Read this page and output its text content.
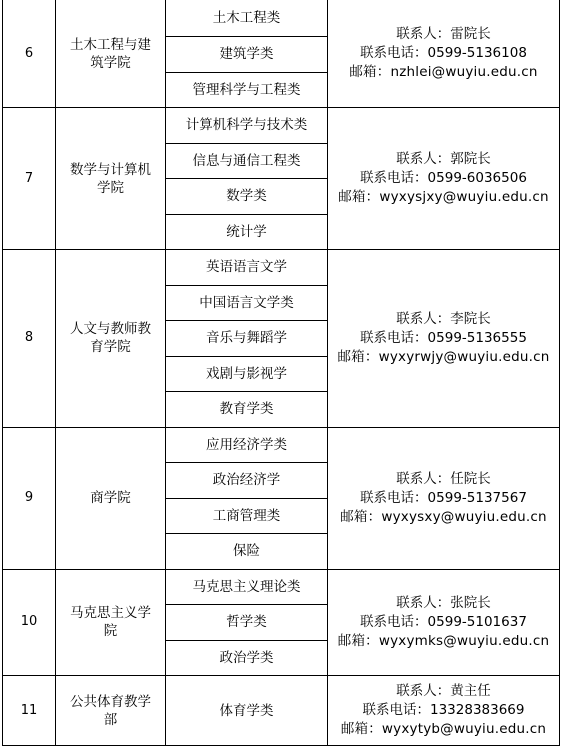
6	土木工程与建筑学院	土木工程类	联系人：雷院长
联系电话：0599-5136108
邮箱：nzhlei@wuyiu.edu.cn

		建筑学类	
		管理科学与工程类	
7	数学与计算机学院	计算机科学与技术类	联系人：郭院长
联系电话：0599-6036506
邮箱：wyxysjxy@wuyiu.edu.cn

		信息与通信工程类	
		数学类	
		统计学	
8	人文与教师教育学院	英语语言文学	联系人：李院长
联系电话：0599-5136555
邮箱：wyxyrwjy@wuyiu.edu.cn

		中国语言文学类	
		音乐与舞蹈学	
		戏剧与影视学	
		教育学类	
9	商学院	应用经济学类	联系人：任院长
联系电话：0599-5137567
邮箱：wyxysxy@wuyiu.edu.cn

		政治经济学	
		工商管理类	
		保险	
10	马克思主义学院	马克思主义理论类	联系人：张院长
联系电话：0599-5101637
邮箱：wyxymks@wuyiu.edu.cn

		哲学类	
		政治学类	
11	公共体育教学部	体育学类	联系人：黄主任
联系电话：13328383669
邮箱：wyxytyb@wuyiu.edu.cn
